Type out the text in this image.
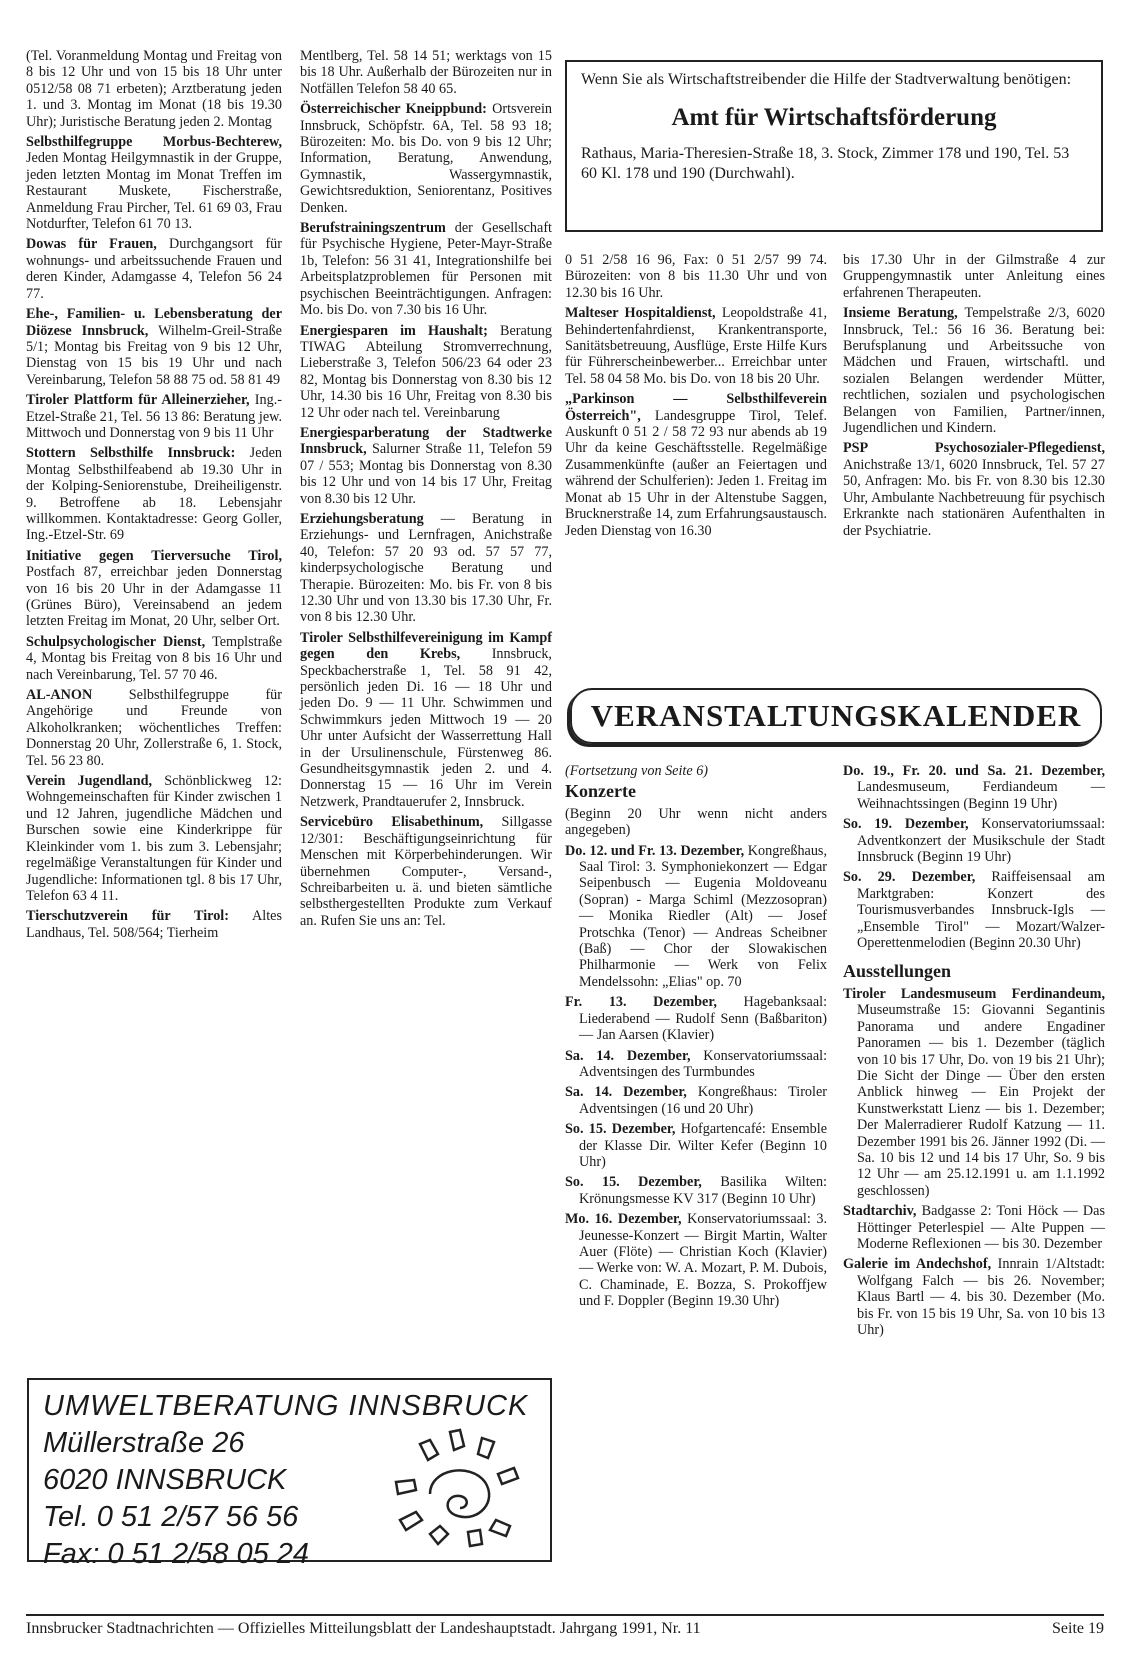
(Tel. Voranmeldung Montag und Freitag von 8 bis 12 Uhr und von 15 bis 18 Uhr unter 0512/58 08 71 erbeten); Arztberatung jeden 1. und 3. Montag im Monat (18 bis 19.30 Uhr); Juristische Beratung jeden 2. Montag
Selbsthilfegruppe Morbus-Bechterew, Jeden Montag Heilgymnastik in der Gruppe, jeden letzten Montag im Monat Treffen im Restaurant Muskete, Fischerstraße, Anmeldung Frau Pircher, Tel. 61 69 03, Frau Notdurfter, Telefon 61 70 13.
Dowas für Frauen, Durchgangsort für wohnungs- und arbeitssuchende Frauen und deren Kinder, Adamgasse 4, Telefon 56 24 77.
Ehe-, Familien- u. Lebensberatung der Diözese Innsbruck, Wilhelm-Greil-Straße 5/1; Montag bis Freitag von 9 bis 12 Uhr, Dienstag von 15 bis 19 Uhr und nach Vereinbarung, Telefon 58 88 75 od. 58 81 49
Tiroler Plattform für Alleinerzieher, Ing.-Etzel-Straße 21, Tel. 56 13 86: Beratung jew. Mittwoch und Donnerstag von 9 bis 11 Uhr
Stottern Selbsthilfe Innsbruck: Jeden Montag Selbsthilfeabend ab 19.30 Uhr in der Kolping-Seniorenstube, Dreiheiligenstr. 9. Betroffene ab 18. Lebensjahr willkommen. Kontaktadresse: Georg Goller, Ing.-Etzel-Str. 69
Initiative gegen Tierversuche Tirol, Postfach 87, erreichbar jeden Donnerstag von 16 bis 20 Uhr in der Adamgasse 11 (Grünes Büro), Vereinsabend an jedem letzten Freitag im Monat, 20 Uhr, selber Ort.
Schulpsychologischer Dienst, Templstraße 4, Montag bis Freitag von 8 bis 16 Uhr und nach Vereinbarung, Tel. 57 70 46.
AL-ANON Selbsthilfegruppe für Angehörige und Freunde von Alkoholkranken; wöchentliches Treffen: Donnerstag 20 Uhr, Zollerstraße 6, 1. Stock, Tel. 56 23 80.
Verein Jugendland, Schönblickweg 12: Wohngemeinschaften für Kinder zwischen 1 und 12 Jahren, jugendliche Mädchen und Burschen sowie eine Kinderkrippe für Kleinkinder vom 1. bis zum 3. Lebensjahr; regelmäßige Veranstaltungen für Kinder und Jugendliche: Informationen tgl. 8 bis 17 Uhr, Telefon 63 4 11.
Tierschutzverein für Tirol: Altes Landhaus, Tel. 508/564; Tierheim
Mentlberg, Tel. 58 14 51; werktags von 15 bis 18 Uhr. Außerhalb der Bürozeiten nur in Notfällen Telefon 58 40 65.
Österreichischer Kneippbund: Ortsverein Innsbruck, Schöpfstr. 6A, Tel. 58 93 18; Bürozeiten: Mo. bis Do. von 9 bis 12 Uhr; Information, Beratung, Anwendung, Gymnastik, Wassergymnastik, Gewichtsreduktion, Seniorentanz, Positives Denken.
Berufstrainingszentrum der Gesellschaft für Psychische Hygiene, Peter-Mayr-Straße 1b, Telefon: 56 31 41, Integrationshilfe bei Arbeitsplatzproblemen für Personen mit psychischen Beeinträchtigungen. Anfragen: Mo. bis Do. von 7.30 bis 16 Uhr.
Energiesparen im Haushalt; Beratung TIWAG Abteilung Stromverrechnung, Lieberstraße 3, Telefon 506/23 64 oder 23 82, Montag bis Donnerstag von 8.30 bis 12 Uhr, 14.30 bis 16 Uhr, Freitag von 8.30 bis 12 Uhr oder nach tel. Vereinbarung
Energiesparberatung der Stadtwerke Innsbruck, Salurner Straße 11, Telefon 59 07 / 553; Montag bis Donnerstag von 8.30 bis 12 Uhr und von 14 bis 17 Uhr, Freitag von 8.30 bis 12 Uhr.
Erziehungsberatung — Beratung in Erziehungs- und Lernfragen, Anichstraße 40, Telefon: 57 20 93 od. 57 57 77, kinderpsychologische Beratung und Therapie. Bürozeiten: Mo. bis Fr. von 8 bis 12.30 Uhr und von 13.30 bis 17.30 Uhr, Fr. von 8 bis 12.30 Uhr.
Tiroler Selbsthilfevereinigung im Kampf gegen den Krebs, Innsbruck, Speckbacherstraße 1, Tel. 58 91 42, persönlich jeden Di. 16 — 18 Uhr und jeden Do. 9 — 11 Uhr. Schwimmen und Schwimmkurs jeden Mittwoch 19 — 20 Uhr unter Aufsicht der Wasserrettung Hall in der Ursulinenschule, Fürstenweg 86. Gesundheitsgymnastik jeden 2. und 4. Donnerstag 15 — 16 Uhr im Verein Netzwerk, Prandtauerufer 2, Innsbruck.
Servicebüro Elisabethinum, Sillgasse 12/301: Beschäftigungseinrichtung für Menschen mit Körperbehinderungen. Wir übernehmen Computer-, Versand-, Schreibarbeiten u. ä. und bieten sämtliche selbsthergestellten Produkte zum Verkauf an. Rufen Sie uns an: Tel.
Wenn Sie als Wirtschaftstreibender die Hilfe der Stadtverwaltung benötigen:
Amt für Wirtschaftsförderung
Rathaus, Maria-Theresien-Straße 18, 3. Stock, Zimmer 178 und 190, Tel. 53 60 Kl. 178 und 190 (Durchwahl).
0 51 2/58 16 96, Fax: 0 51 2/57 99 74. Bürozeiten: von 8 bis 11.30 Uhr und von 12.30 bis 16 Uhr.
Malteser Hospitaldienst, Leopoldstraße 41, Behindertenfahrdienst, Krankentransporte, Sanitätsbetreuung, Ausflüge, Erste Hilfe Kurs für Führerscheinbewerber... Erreichbar unter Tel. 58 04 58 Mo. bis Do. von 18 bis 20 Uhr.
„Parkinson — Selbsthilfeverein Österreich", Landesgruppe Tirol, Telef. Auskunft 0 51 2 / 58 72 93 nur abends ab 19 Uhr da keine Geschäftsstelle. Regelmäßige Zusammenkünfte (außer an Feiertagen und während der Schulferien): Jeden 1. Freitag im Monat ab 15 Uhr in der Altenstube Saggen, Brucknerstraße 14, zum Erfahrungsaustausch. Jeden Dienstag von 16.30
bis 17.30 Uhr in der Gilmstraße 4 zur Gruppengymnastik unter Anleitung eines erfahrenen Therapeuten.
Insieme Beratung, Tempelstraße 2/3, 6020 Innsbruck, Tel.: 56 16 36. Beratung bei: Berufsplanung und Arbeitssuche von Mädchen und Frauen, wirtschaftl. und sozialen Belangen werdender Mütter, rechtlichen, sozialen und psychologischen Belangen von Familien, Partner/innen, Jugendlichen und Kindern.
PSP Psychosozialer-Pflegedienst, Anichstraße 13/1, 6020 Innsbruck, Tel. 57 27 50, Anfragen: Mo. bis Fr. von 8.30 bis 12.30 Uhr, Ambulante Nachbetreuung für psychisch Erkrankte nach stationären Aufenthalten in der Psychiatrie.
VERANSTALTUNGSKALENDER
(Fortsetzung von Seite 6)
Konzerte
(Beginn 20 Uhr wenn nicht anders angegeben)
Do. 12. und Fr. 13. Dezember, Kongreßhaus, Saal Tirol: 3. Symphoniekonzert — Edgar Seipenbusch — Eugenia Moldoveanu (Sopran) - Marga Schiml (Mezzosopran) — Monika Riedler (Alt) — Josef Protschka (Tenor) — Andreas Scheibner (Baß) — Chor der Slowakischen Philharmonie — Werk von Felix Mendelssohn: „Elias" op. 70
Fr. 13. Dezember, Hagebanksaal: Liederabend — Rudolf Senn (Baßbariton) — Jan Aarsen (Klavier)
Sa. 14. Dezember, Konservatoriumssaal: Adventsingen des Turmbundes
Sa. 14. Dezember, Kongreßhaus: Tiroler Adventsingen (16 und 20 Uhr)
So. 15. Dezember, Hofgartencafé: Ensemble der Klasse Dir. Wilter Kefer (Beginn 10 Uhr)
So. 15. Dezember, Basilika Wilten: Krönungsmesse KV 317 (Beginn 10 Uhr)
Mo. 16. Dezember, Konservatoriumssaal: 3. Jeunesse-Konzert — Birgit Martin, Walter Auer (Flöte) — Christian Koch (Klavier) — Werke von: W. A. Mozart, P. M. Dubois, C. Chaminade, E. Bozza, S. Prokoffjew und F. Doppler (Beginn 19.30 Uhr)
Do. 19., Fr. 20. und Sa. 21. Dezember, Landesmuseum, Ferdiandeum — Weihnachtssingen (Beginn 19 Uhr)
So. 19. Dezember, Konservatoriumssaal: Adventkonzert der Musikschule der Stadt Innsbruck (Beginn 19 Uhr)
So. 29. Dezember, Raiffeisensaal am Marktgraben: Konzert des Tourismusverbandes Innsbruck-Igls — „Ensemble Tirol" — Mozart/Walzer-Operettenmelodien (Beginn 20.30 Uhr)
Ausstellungen
Tiroler Landesmuseum Ferdinandeum, Museumstraße 15: Giovanni Segantinis Panorama und andere Engadiner Panoramen — bis 1. Dezember (täglich von 10 bis 17 Uhr, Do. von 19 bis 21 Uhr); Die Sicht der Dinge — Über den ersten Anblick hinweg — Ein Projekt der Kunstwerkstatt Lienz — bis 1. Dezember; Der Malerradierer Rudolf Katzung — 11. Dezember 1991 bis 26. Jänner 1992 (Di. — Sa. 10 bis 12 und 14 bis 17 Uhr, So. 9 bis 12 Uhr — am 25.12.1991 u. am 1.1.1992 geschlossen)
Stadtarchiv, Badgasse 2: Toni Höck — Das Höttinger Peterlespiel — Alte Puppen — Moderne Reflexionen — bis 30. Dezember
Galerie im Andechshof, Innrain 1/Altstadt: Wolfgang Falch — bis 26. November; Klaus Bartl — 4. bis 30. Dezember (Mo. bis Fr. von 15 bis 19 Uhr, Sa. von 10 bis 13 Uhr)
UMWELTBERATUNG INNSBRUCK
Müllerstraße 26
6020 INNSBRUCK
Tel. 0 51 2/57 56 56
Fax: 0 51 2/58 05 24
Innsbrucker Stadtnachrichten — Offizielles Mitteilungsblatt der Landeshauptstadt. Jahrgang 1991, Nr. 11	Seite 19
